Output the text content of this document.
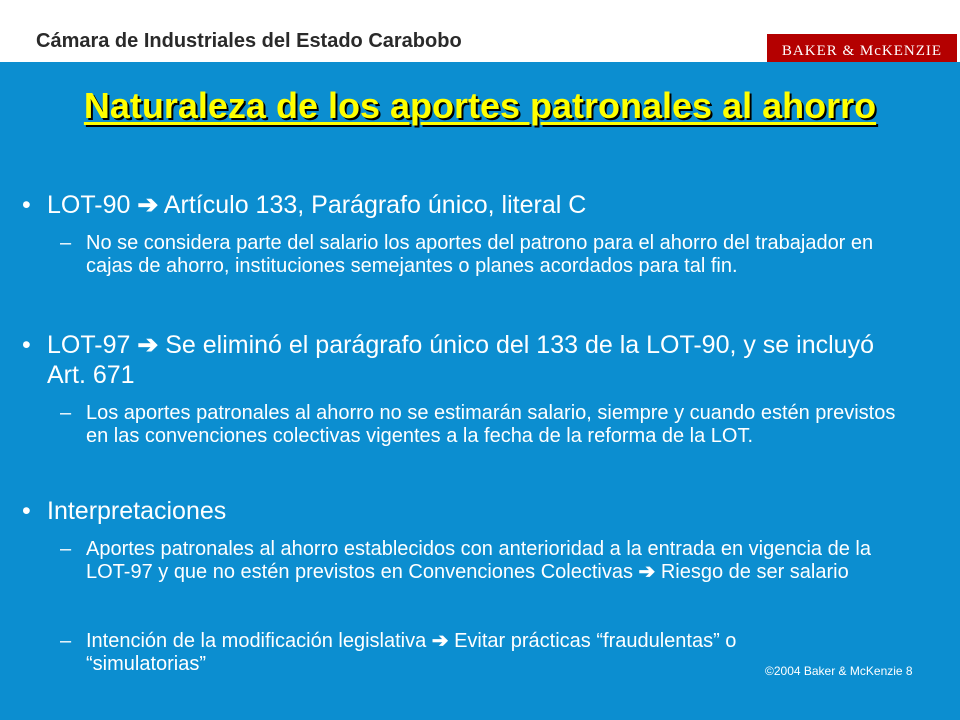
Cámara de Industriales del Estado Carabobo	BAKER & McKENZIE
Naturaleza de los aportes patronales al ahorro
• LOT-90 ➔ Artículo 133, Parágrafo único, literal C
– No se considera parte del salario los aportes del patrono para el ahorro del trabajador en cajas de ahorro, instituciones semejantes o planes acordados para tal fin.
• LOT-97 ➔ Se eliminó el parágrafo único del 133 de la LOT-90, y se incluyó Art. 671
– Los aportes patronales al ahorro no se estimarán salario, siempre y cuando estén previstos en las convenciones colectivas vigentes a la fecha de la reforma de la LOT.
• Interpretaciones
– Aportes patronales al ahorro establecidos con anterioridad a la entrada en vigencia de la LOT-97 y que no estén previstos en Convenciones Colectivas ➔ Riesgo de ser salario
– Intención de la modificación legislativa ➔ Evitar prácticas “fraudulentas” o “simulatorias”	©2004 Baker & McKenzie 8
